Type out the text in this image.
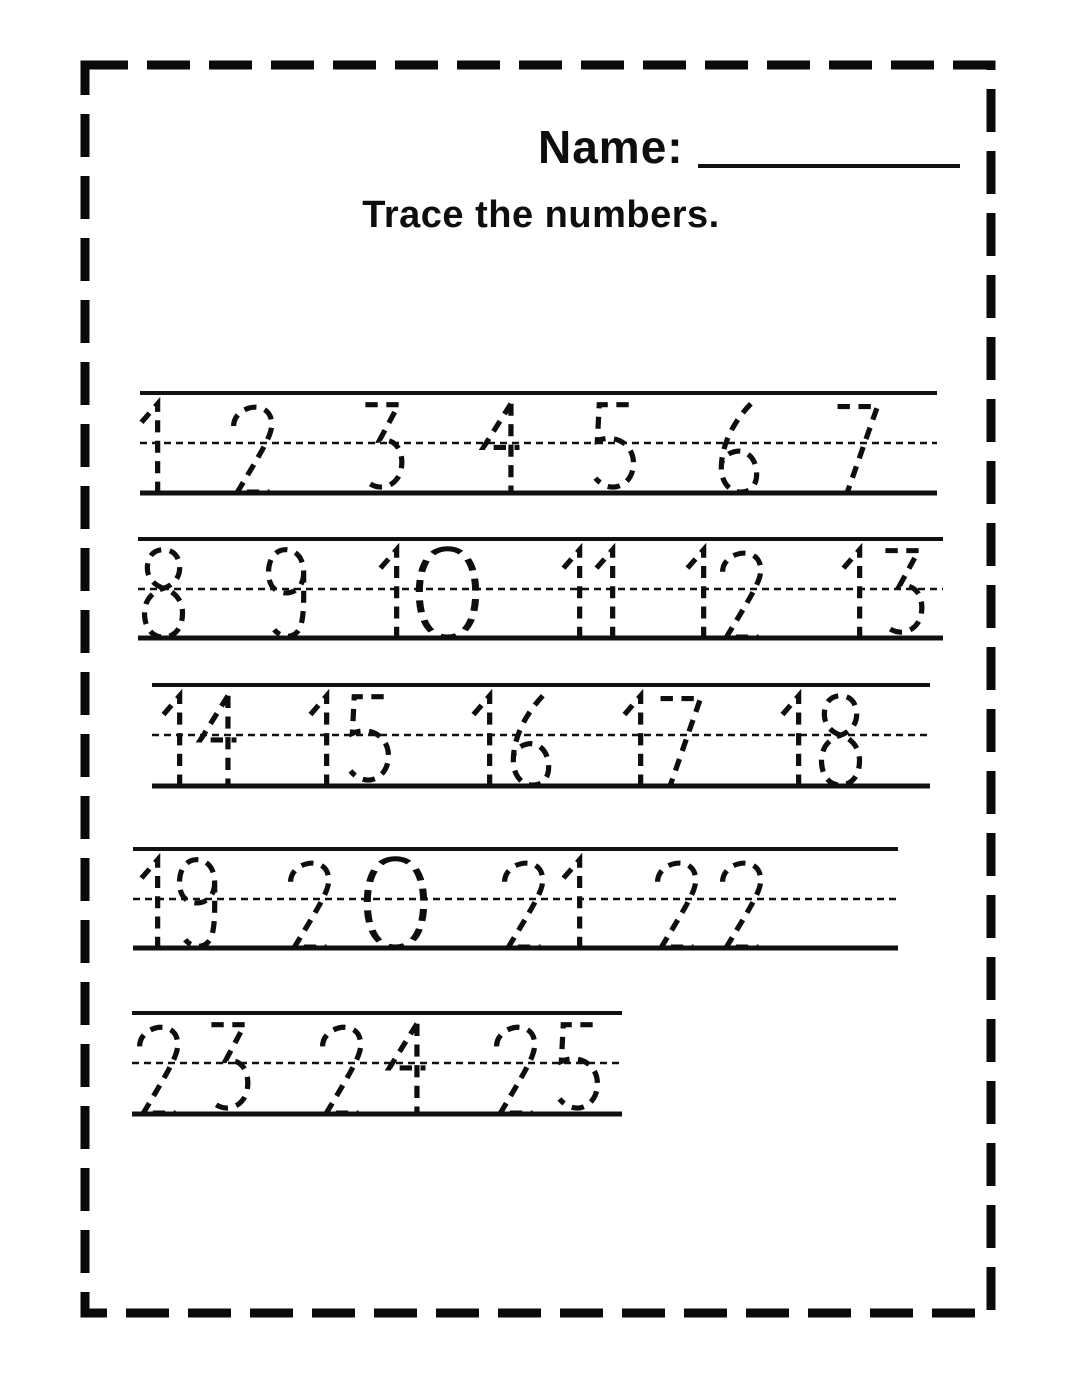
Name:
Trace the numbers.
